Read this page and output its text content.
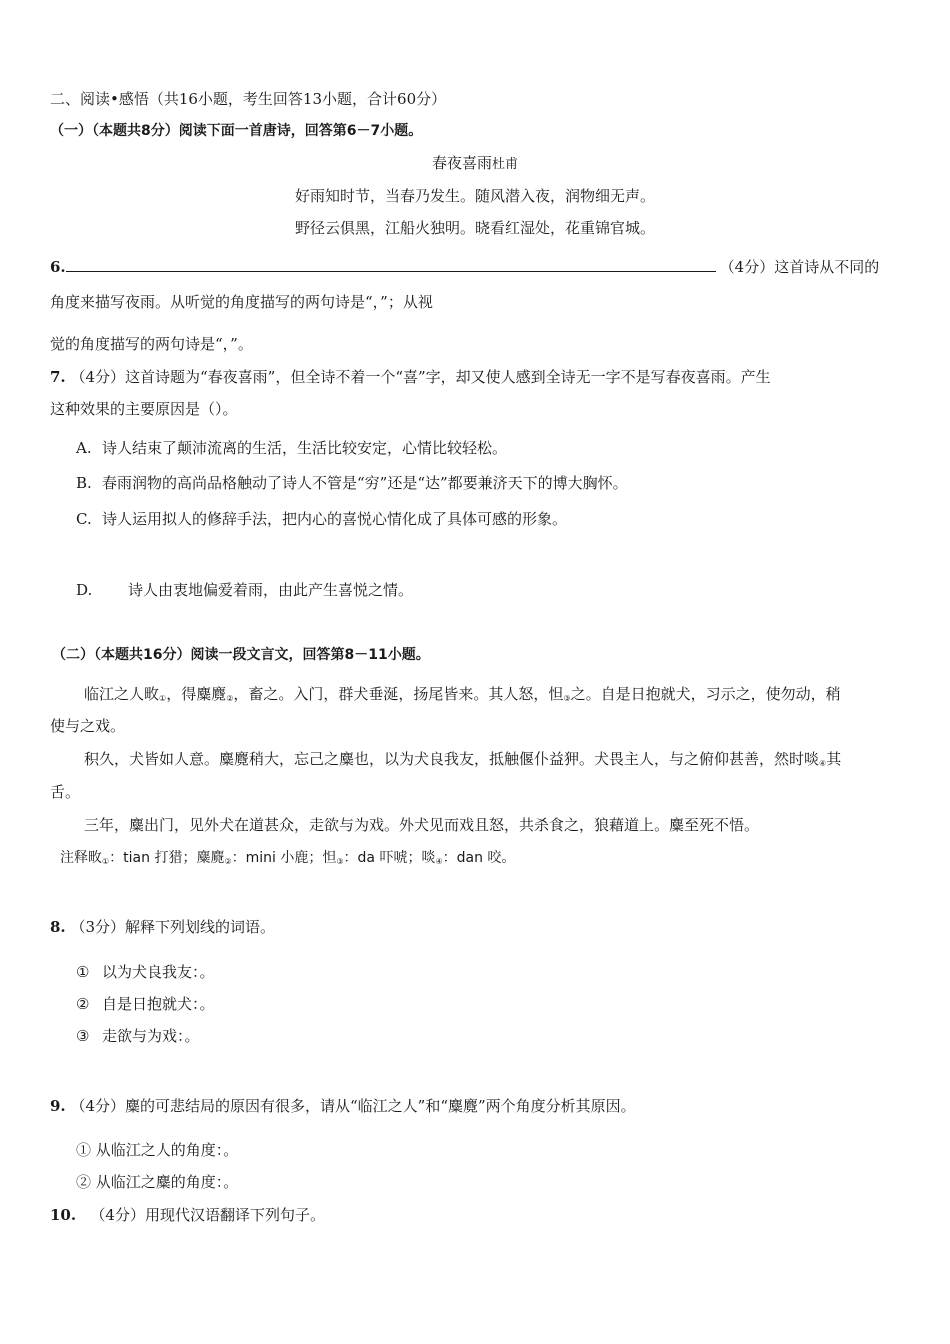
二、阅读•感悟（共16小题，考生回答13小题，合计60分）
（一）（本题共8分）阅读下面一首唐诗，回答第6－7小题。
春夜喜雨杜甫
好雨知时节，当春乃发生。随风潜入夜，润物细无声。
野径云俱黑，江船火独明。晓看红湿处，花重锦官城。
6.	（4分）这首诗从不同的
角度来描写夜雨。从听觉的角度描写的两句诗是“，”；从视
觉的角度描写的两句诗是“，”。
7. （4分）这首诗题为“春夜喜雨”，但全诗不着一个“喜”字，却又使人感到全诗无一字不是写春夜喜雨。产生
这种效果的主要原因是（）。
A. 诗人结束了颠沛流离的生活，生活比较安定，心情比较轻松。
B. 春雨润物的高尚品格触动了诗人不管是“穷”还是“达”都要兼济天下的博大胸怀。
C. 诗人运用拟人的修辞手法，把内心的喜悦心情化成了具体可感的形象。
D. 诗人由衷地偏爱着雨，由此产生喜悦之情。
（二）（本题共16分）阅读一段文言文，回答第8－11小题。
临江之人畋$_①$，得麋麑$_②$，畜之。入门，群犬垂涎，扬尾皆来。其人怒，怛$_③$之。自是日抱就犬，习示之，使勿动，稍
使与之戏。
积久，犬皆如人意。麋麑稍大，忘己之麋也，以为犬良我友，抵触偃仆益狎。犬畏主人，与之俯仰甚善，然时啖$_④$其
舌。
三年，麋出门，见外犬在道甚众，走欲与为戏。外犬见而戏且怒，共杀食之，狼藉道上。麋至死不悟。
注释畋$_①$：tian 打猎；麋麑$_②$：mini 小鹿；怛$_③$：da 吓唬；啖$_④$：dan 咬。
8. （3分）解释下列划线的词语。
① 以为犬良我友：。
② 自是日抱就犬：。
③ 走欲与为戏：。
9. （4分）麋的可悲结局的原因有很多，请从“临江之人”和“麋麑”两个角度分析其原因。
① 从临江之人的角度：。
② 从临江之麋的角度：。
10. （4分）用现代汉语翻译下列句子。
